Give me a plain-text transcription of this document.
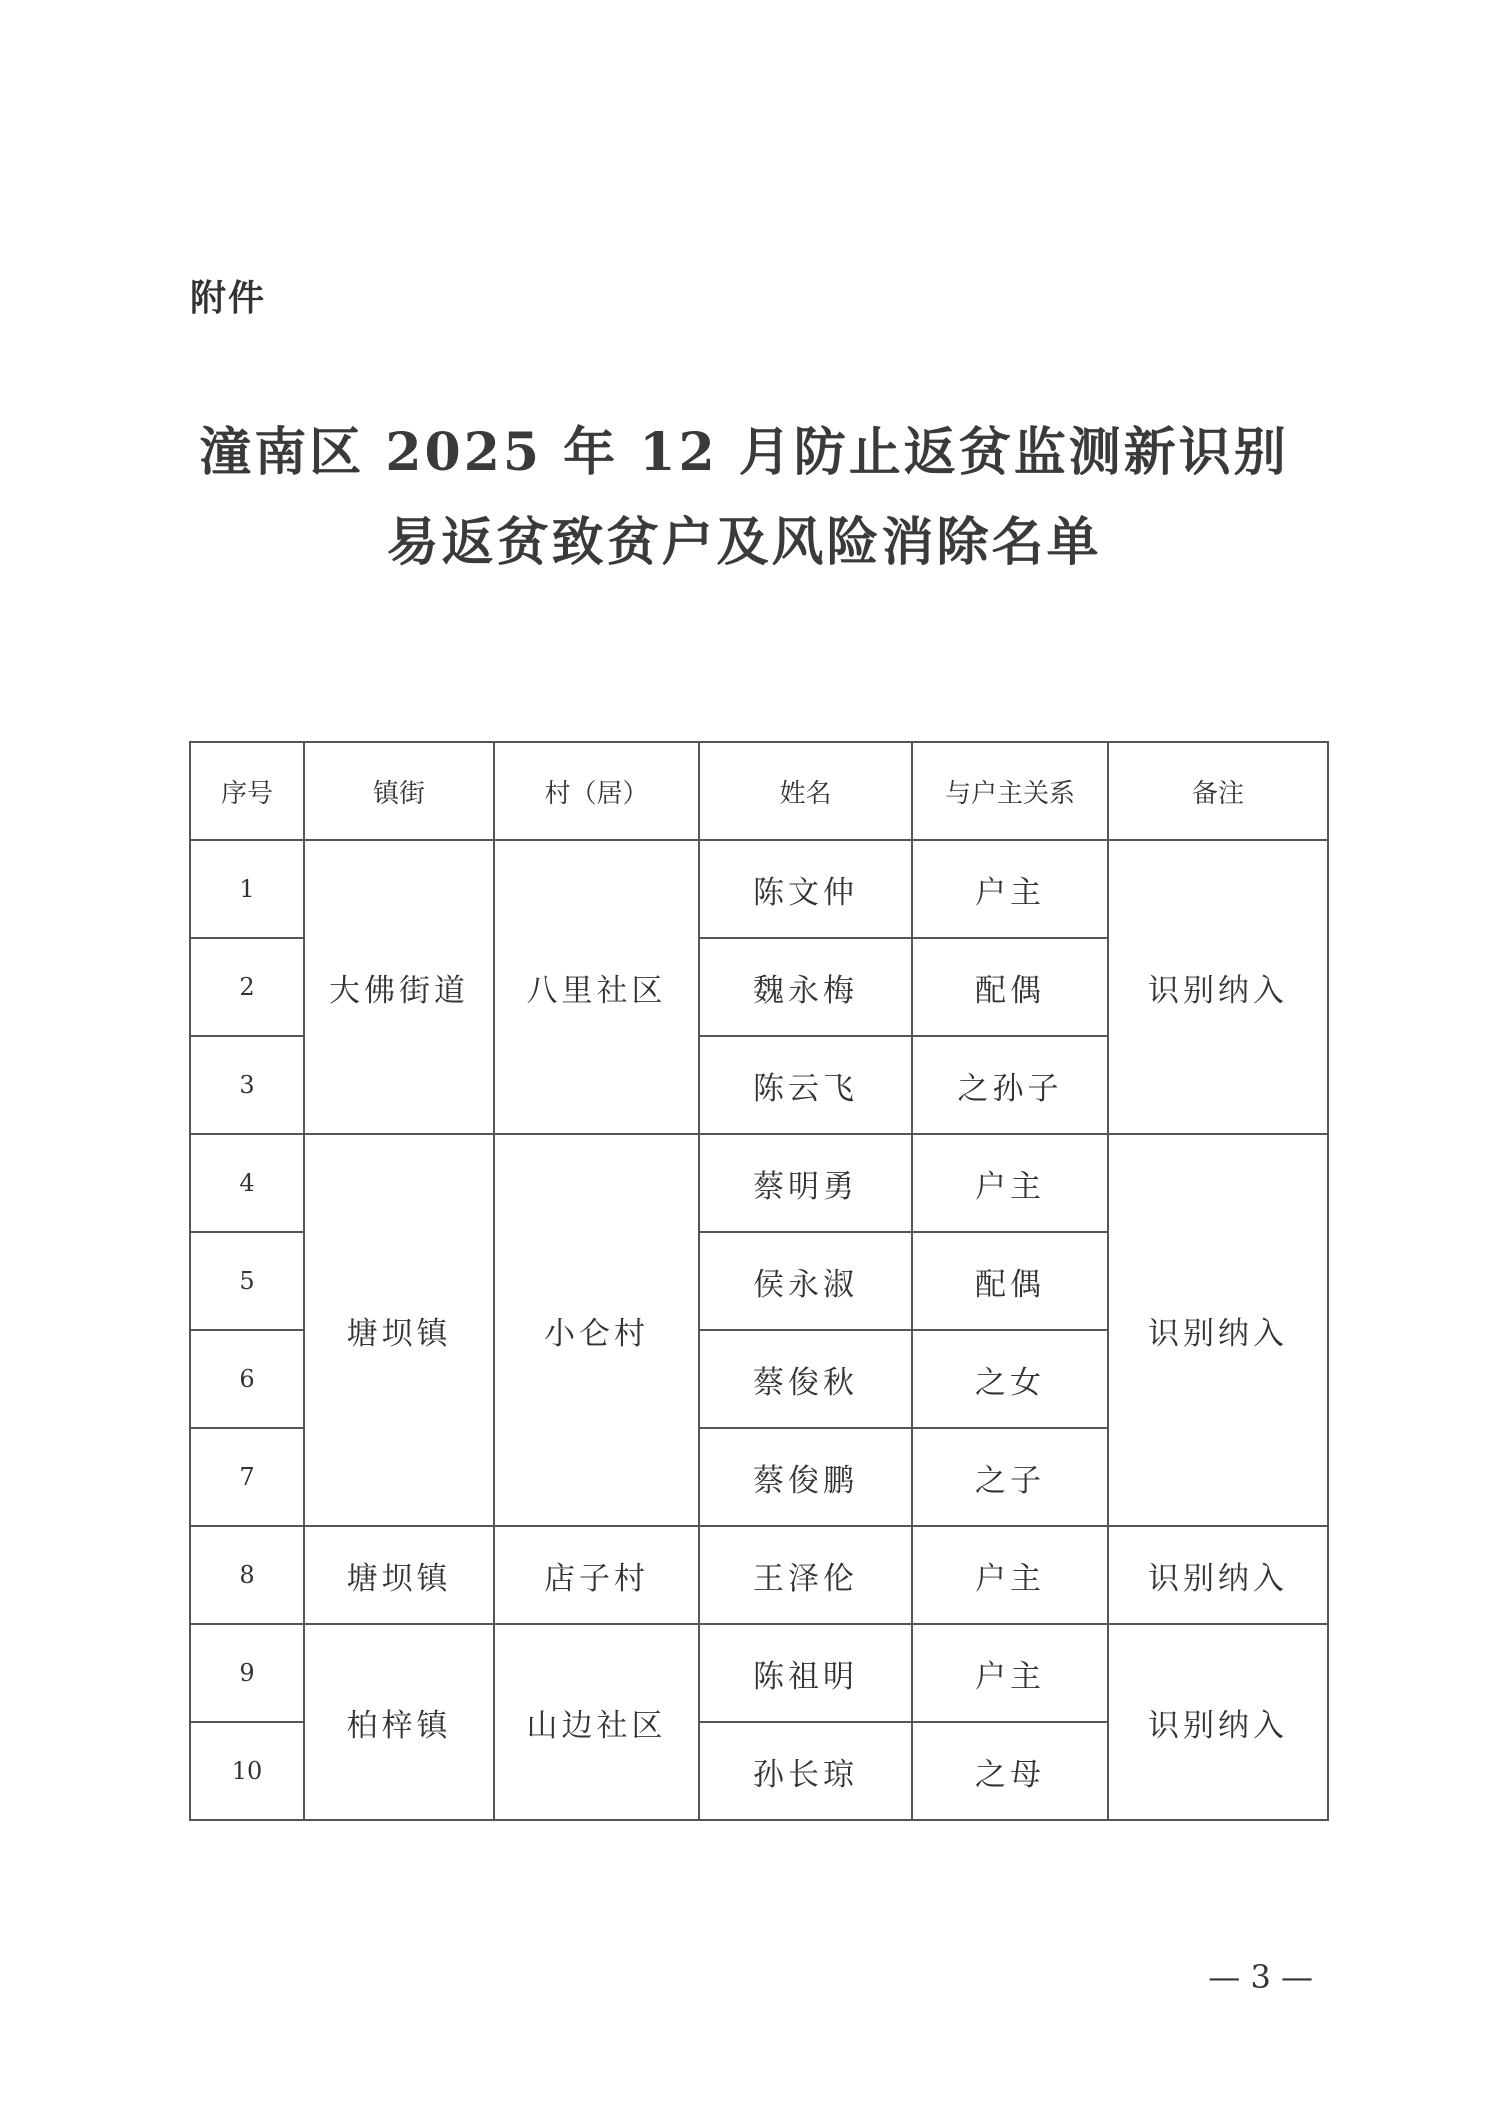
附件
潼南区 2025 年 12 月防止返贫监测新识别
易返贫致贫户及风险消除名单
序号	镇街	村（居）	姓名	与户主关系	备注
1	大佛街道	八里社区	陈文仲	户主	识别纳入
2			魏永梅	配偶	
3			陈云飞	之孙子	
4	塘坝镇	小仑村	蔡明勇	户主	识别纳入
5			侯永淑	配偶	
6			蔡俊秋	之女	
7			蔡俊鹏	之子	
8	塘坝镇	店子村	王泽伦	户主	识别纳入
9	柏梓镇	山边社区	陈祖明	户主	识别纳入
10			孙长琼	之母	
— 3 —
